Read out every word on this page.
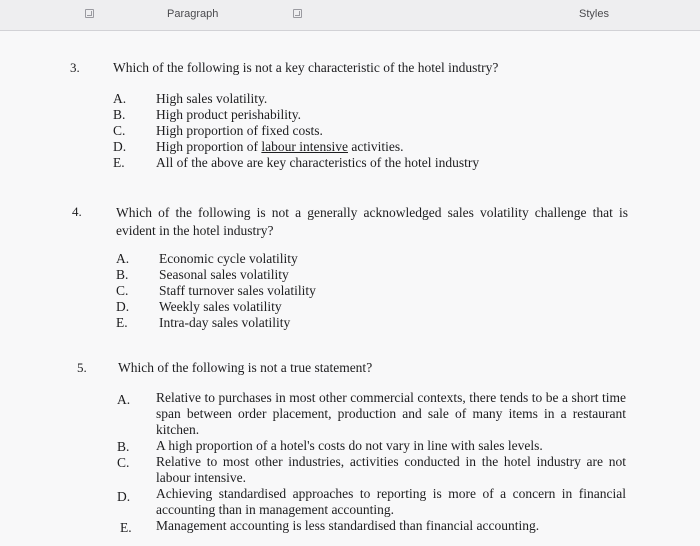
Paragraph	Styles
3. Which of the following is not a key characteristic of the hotel industry?
A. High sales volatility.
B. High product perishability.
C. High proportion of fixed costs.
D. High proportion of labour intensive activities.
E. All of the above are key characteristics of the hotel industry
4.	Which of the following is not a generally acknowledged sales volatility challenge that is evident in the hotel industry?
A. Economic cycle volatility
B. Seasonal sales volatility
C. Staff turnover sales volatility
D. Weekly sales volatility
E. Intra-day sales volatility
5. Which of the following is not a true statement?
A. Relative to purchases in most other commercial contexts, there tends to be a short time span between order placement, production and sale of many items in a restaurant kitchen.
B. A high proportion of a hotel's costs do not vary in line with sales levels.
C. Relative to most other industries, activities conducted in the hotel industry are not labour intensive.
D. Achieving standardised approaches to reporting is more of a concern in financial accounting than in management accounting.
E. Management accounting is less standardised than financial accounting.
